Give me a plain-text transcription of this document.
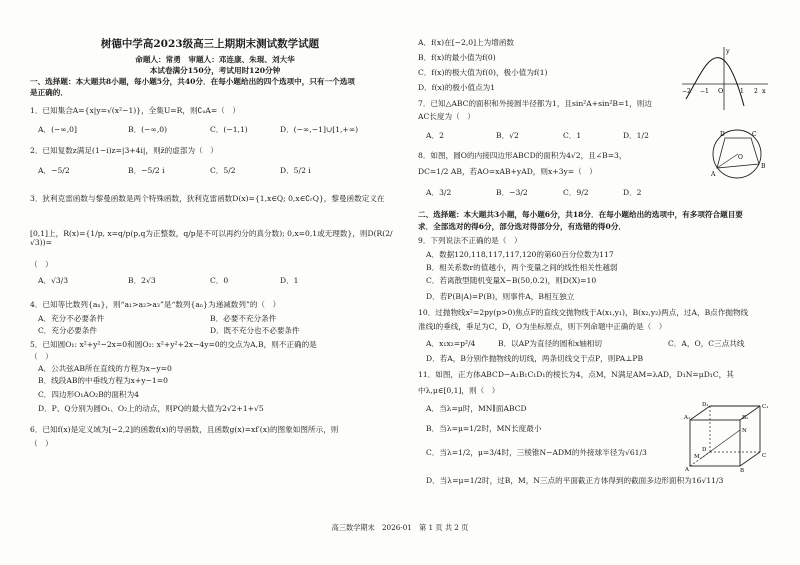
树德中学高2023级高三上期期末测试数学试题
命题人：常勇　审题人：邓连康、朱琨、刘大华
本试卷满分150分，考试用时120分钟
一、选择题：本大题共8小题，每小题5分，共40分．在每小题给出的四个选项中，只有一个选项
是正确的．
1．已知集合A={x|y=√(x²−1)}，全集U=R，则∁ᵤA=（　）
A．(−∞,0]	B．(−∞,0)	C．(−1,1)	D．(−∞,−1]∪[1,+∞)
2．已知复数z满足(1−i)z=|3+4i|，则z̄的虚部为（　）
A．−5/2	B．−5/2 i	C．5/2	D．5/2 i
3．狄利克雷函数与黎曼函数是两个特殊函数，狄利克雷函数D(x)={1,x∈Q; 0,x∈∁ᵣQ}，黎曼函数定义在
[0,1]上，R(x)={1/p, x=q/p(p,q为正整数，q/p是不可以再约分的真分数); 0,x=0,1或无理数}，则D(R(2/√3))=
（　）
A．√3/3	B．2√3	C．0	D．1
4．已知等比数列{aₙ}，则“a₁>a₂>a₃”是“数列{aₙ}为递减数列”的（　）
A．充分不必要条件	B．必要不充分条件
C．充分必要条件	D．既不充分也不必要条件
5．已知圆O₁: x²+y²−2x=0和圆O₂: x²+y²+2x−4y=0的交点为A,B，则不正确的是
（　）
A．公共弦AB所在直线的方程为x−y=0
B．线段AB的中垂线方程为x+y−1=0
C．四边形O₁AO₂B的面积为4
D．P、Q分别为圆O₁、O₂上的动点，则PQ的最大值为2√2+1+√5
6．已知f(x)是定义域为[−2,2]的函数f(x)的导函数，且函数g(x)=xf′(x)的图象如图所示，则
（　）
A．f(x)在[−2,0]上为增函数
B．f(x)的最小值为f(0)
C．f(x)的极大值为f(0)，极小值为f(1)
D．f(x)的极小值点为1
7．已知△ABC的面积和外接圆半径都为1，且sin²A+sin²B=1，则边
AC长度为（　）
A．2	B．√2	C．1	D．1/2
8．如图，圆O的内接四边形ABCD的面积为4√2，且∠B=3，
DC=1/2 AB，若AO=xAB+yAD，则x+3y=（　）
A．3/2	B．−3/2	C．9/2	D．2
二、选择题：本大题共3小题，每小题6分，共18分．在每小题给出的选项中，有多项符合题目要
求．全部选对的得6分，部分选对得部分分，有选错的得0分．
9．下列说法不正确的是（　）
A．数据120,118,117,117,120的第60百分位数为117
B．相关系数r的值越小，两个变量之间的线性相关性越弱
C．若离散型随机变量X~B(50,0.2)，则D(X)=10
D．若P(B|A)=P(B)，则事件A，B相互独立
10．过抛物线x²=2py(p>0)焦点F的直线交抛物线于A(x₁,y₁)，B(x₂,y₂)两点，过A，B点作抛物线
准线l的垂线，垂足为C，D，O为坐标原点，则下列命题中正确的是（　）
A．x₁x₂=p²/4	B．以AP为直径的圆和x轴相切	C．A，O，C三点共线
D．若A，B分别作抛物线的切线，两条切线交于点P，则PA⊥PB
11．如图，正方体ABCD−A₁B₁C₁D₁的棱长为4，点M，N满足AM=λAD，D₁N=μD₁C，其
中λ,μ∈[0,1]，则（　）
A．当λ=μ时，MN∥面ABCD
B．当λ=μ=1/2时，MN长度最小
C．当λ=1/2，μ=3/4时，三棱锥N−ADM的外接球半径为√61/3
D．当λ=μ=1/2时，过B，M，N三点的平面截正方体得到的截面多边形面积为16√11/3
y
x
O
−2 −1	1 2
A
B
C
D
O
A	B
C
D
A₁	B₁
C₁
D₁
M
N
高三数学期末　2026-01　第 1 页 共 2 页
